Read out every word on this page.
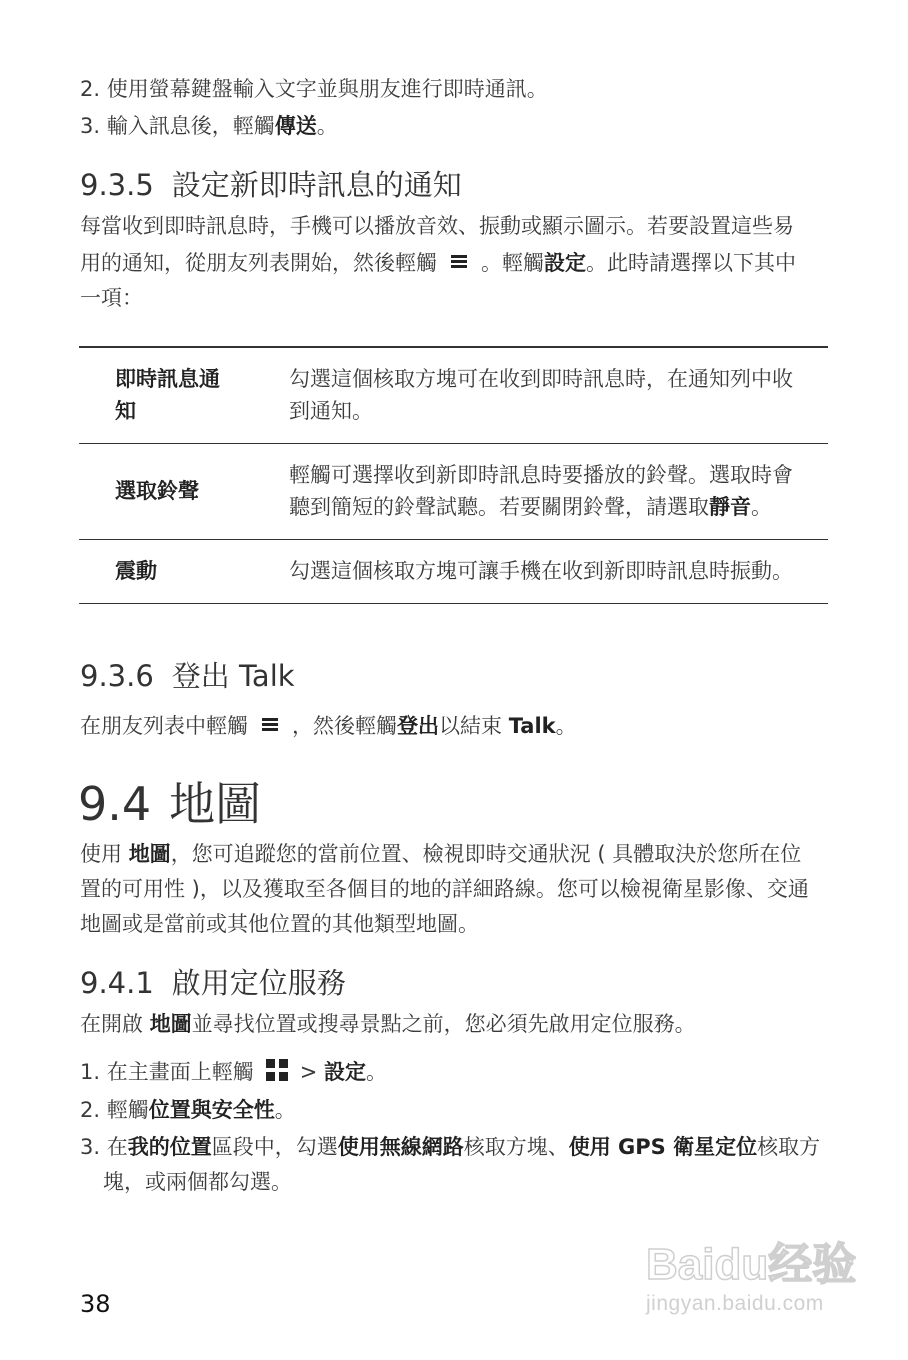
2. 使用螢幕鍵盤輸入文字並與朋友進行即時通訊。
3. 輸入訊息後，輕觸傳送。
9.3.5 設定新即時訊息的通知
每當收到即時訊息時，手機可以播放音效、振動或顯示圖示。若要設置這些易
用的通知，從朋友列表開始，然後輕觸 。輕觸設定。此時請選擇以下其中
一項：
即時訊息通
知	勾選這個核取方塊可在收到即時訊息時，在通知列中收
到通知。
選取鈴聲	輕觸可選擇收到新即時訊息時要播放的鈴聲。選取時會
聽到簡短的鈴聲試聽。若要關閉鈴聲，請選取靜音。
震動	勾選這個核取方塊可讓手機在收到新即時訊息時振動。
9.3.6 登出 Talk
在朋友列表中輕觸 ，然後輕觸登出以結束 Talk。
9.4 地圖
使用 地圖，您可追蹤您的當前位置、檢視即時交通狀況 ( 具體取決於您所在位
置的可用性 )，以及獲取至各個目的地的詳細路線。您可以檢視衛星影像、交通
地圖或是當前或其他位置的其他類型地圖。
9.4.1 啟用定位服務
在開啟 地圖並尋找位置或搜尋景點之前，您必須先啟用定位服務。
1. 在主畫面上輕觸 > 設定。
2. 輕觸位置與安全性。
3. 在我的位置區段中，勾選使用無線網路核取方塊、使用 GPS 衛星定位核取方
塊，或兩個都勾選。
38
Baidu经验
jingyan.baidu.com
